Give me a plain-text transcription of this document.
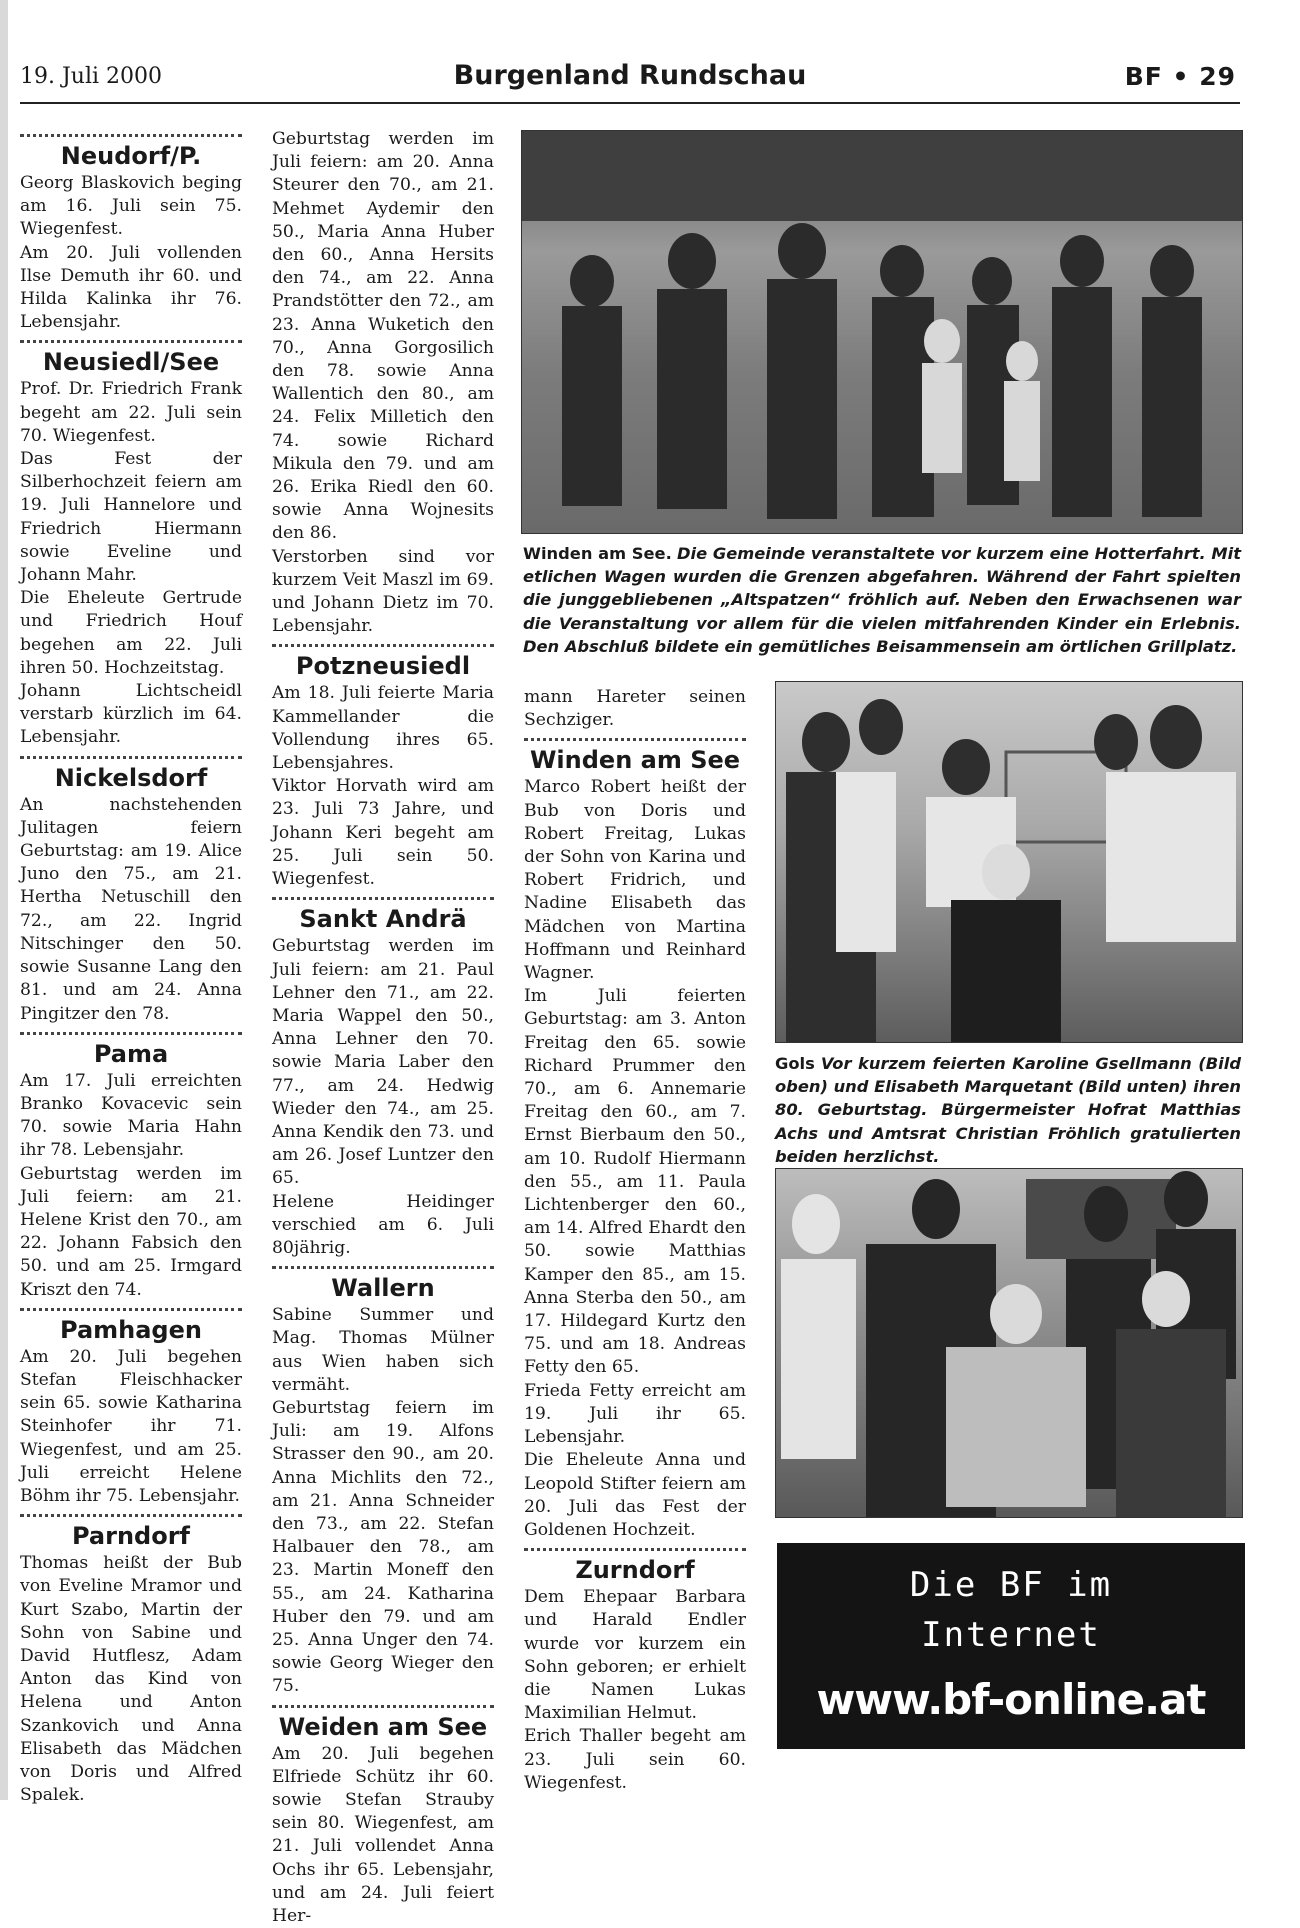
19. Juli 2000	Burgenland Rundschau	BF • 29
Neudorf/P.

Georg Blaskovich beging am 16. Juli sein 75. Wiegenfest.

Am 20. Juli vollenden Ilse Demuth ihr 60. und Hilda Kalinka ihr 76. Lebensjahr.

Neusiedl/See

Prof. Dr. Friedrich Frank begeht am 22. Juli sein 70. Wiegenfest.

Das Fest der Silberhochzeit feiern am 19. Juli Hannelore und Friedrich Hiermann sowie Eveline und Johann Mahr.

Die Eheleute Gertrude und Friedrich Houf begehen am 22. Juli ihren 50. Hochzeitstag.

Johann Lichtscheidl verstarb kürzlich im 64. Lebensjahr.

Nickelsdorf

An nachstehenden Julitagen feiern Geburtstag: am 19. Alice Juno den 75., am 21. Hertha Netuschill den 72., am 22. Ingrid Nitschinger den 50. sowie Susanne Lang den 81. und am 24. Anna Pingitzer den 78.

Pama

Am 17. Juli erreichten Branko Kovacevic sein 70. sowie Maria Hahn ihr 78. Lebensjahr.

Geburtstag werden im Juli feiern: am 21. Helene Krist den 70., am 22. Johann Fabsich den 50. und am 25. Irmgard Kriszt den 74.

Pamhagen

Am 20. Juli begehen Stefan Fleischhacker sein 65. sowie Katharina Steinhofer ihr 71. Wiegenfest, und am 25. Juli erreicht Helene Böhm ihr 75. Lebensjahr.

Parndorf

Thomas heißt der Bub von Eveline Mramor und Kurt Szabo, Martin der Sohn von Sabine und David Hutflesz, Adam Anton das Kind von Helena und Anton Szankovich und Anna Elisabeth das Mädchen von Doris und Alfred Spalek.

Geburtstag werden im Juli feiern: am 20. Anna Steurer den 70., am 21. Mehmet Aydemir den 50., Maria Anna Huber den 60., Anna Hersits den 74., am 22. Anna Prandstötter den 72., am 23. Anna Wuketich den 70., Anna Gorgosilich den 78. sowie Anna Wallentich den 80., am 24. Felix Milletich den 74. sowie Richard Mikula den 79. und am 26. Erika Riedl den 60. sowie Anna Wojnesits den 86.

Verstorben sind vor kurzem Veit Maszl im 69. und Johann Dietz im 70. Lebensjahr.

Potzneusiedl

Am 18. Juli feierte Maria Kammellander die Vollendung ihres 65. Lebensjahres.

Viktor Horvath wird am 23. Juli 73 Jahre, und Johann Keri begeht am 25. Juli sein 50. Wiegenfest.

Sankt Andrä

Geburtstag werden im Juli feiern: am 21. Paul Lehner den 71., am 22. Maria Wappel den 50., Anna Lehner den 70. sowie Maria Laber den 77., am 24. Hedwig Wieder den 74., am 25. Anna Kendik den 73. und am 26. Josef Luntzer den 65.

Helene Heidinger verschied am 6. Juli 80jährig.

Wallern

Sabine Summer und Mag. Thomas Mülner aus Wien haben sich vermäht.

Geburtstag feiern im Juli: am 19. Alfons Strasser den 90., am 20. Anna Michlits den 72., am 21. Anna Schneider den 73., am 22. Stefan Halbauer den 78., am 23. Martin Moneff den 55., am 24. Katharina Huber den 79. und am 25. Anna Unger den 74. sowie Georg Wieger den 75.

Weiden am See

Am 20. Juli begehen Elfriede Schütz ihr 60. sowie Stefan Strauby sein 80. Wiegenfest, am 21. Juli vollendet Anna Ochs ihr 65. Lebensjahr, und am 24. Juli feiert Her-

mann Hareter seinen Sechziger.

Winden am See

Marco Robert heißt der Bub von Doris und Robert Freitag, Lukas der Sohn von Karina und Robert Fridrich, und Nadine Elisabeth das Mädchen von Martina Hoffmann und Reinhard Wagner.

Im Juli feierten Geburtstag: am 3. Anton Freitag den 65. sowie Richard Prummer den 70., am 6. Annemarie Freitag den 60., am 7. Ernst Bierbaum den 50., am 10. Rudolf Hiermann den 55., am 11. Paula Lichtenberger den 60., am 14. Alfred Ehardt den 50. sowie Matthias Kamper den 85., am 15. Anna Sterba den 50., am 17. Hildegard Kurtz den 75. und am 18. Andreas Fetty den 65.

Frieda Fetty erreicht am 19. Juli ihr 65. Lebensjahr.

Die Eheleute Anna und Leopold Stifter feiern am 20. Juli das Fest der Goldenen Hochzeit.

Zurndorf

Dem Ehepaar Barbara und Harald Endler wurde vor kurzem ein Sohn geboren; er erhielt die Namen Lukas Maximilian Helmut.

Erich Thaller begeht am 23. Juli sein 60. Wiegenfest.

Winden am See. Die Gemeinde veranstaltete vor kurzem eine Hotterfahrt. Mit etlichen Wagen wurden die Grenzen abgefahren. Während der Fahrt spielten die junggebliebenen „Altspatzen“ fröhlich auf. Neben den Erwachsenen war die Veranstaltung vor allem für die vielen mitfahrenden Kinder ein Erlebnis. Den Abschluß bildete ein gemütliches Beisammensein am örtlichen Grillplatz.
Gols Vor kurzem feierten Karoline Gsellmann (Bild oben) und Elisabeth Marquetant (Bild unten) ihren 80. Geburtstag. Bürgermeister Hofrat Matthias Achs und Amtsrat Christian Fröhlich gratulierten beiden herzlichst.
Die BF im
Internet
www.bf-online.at
